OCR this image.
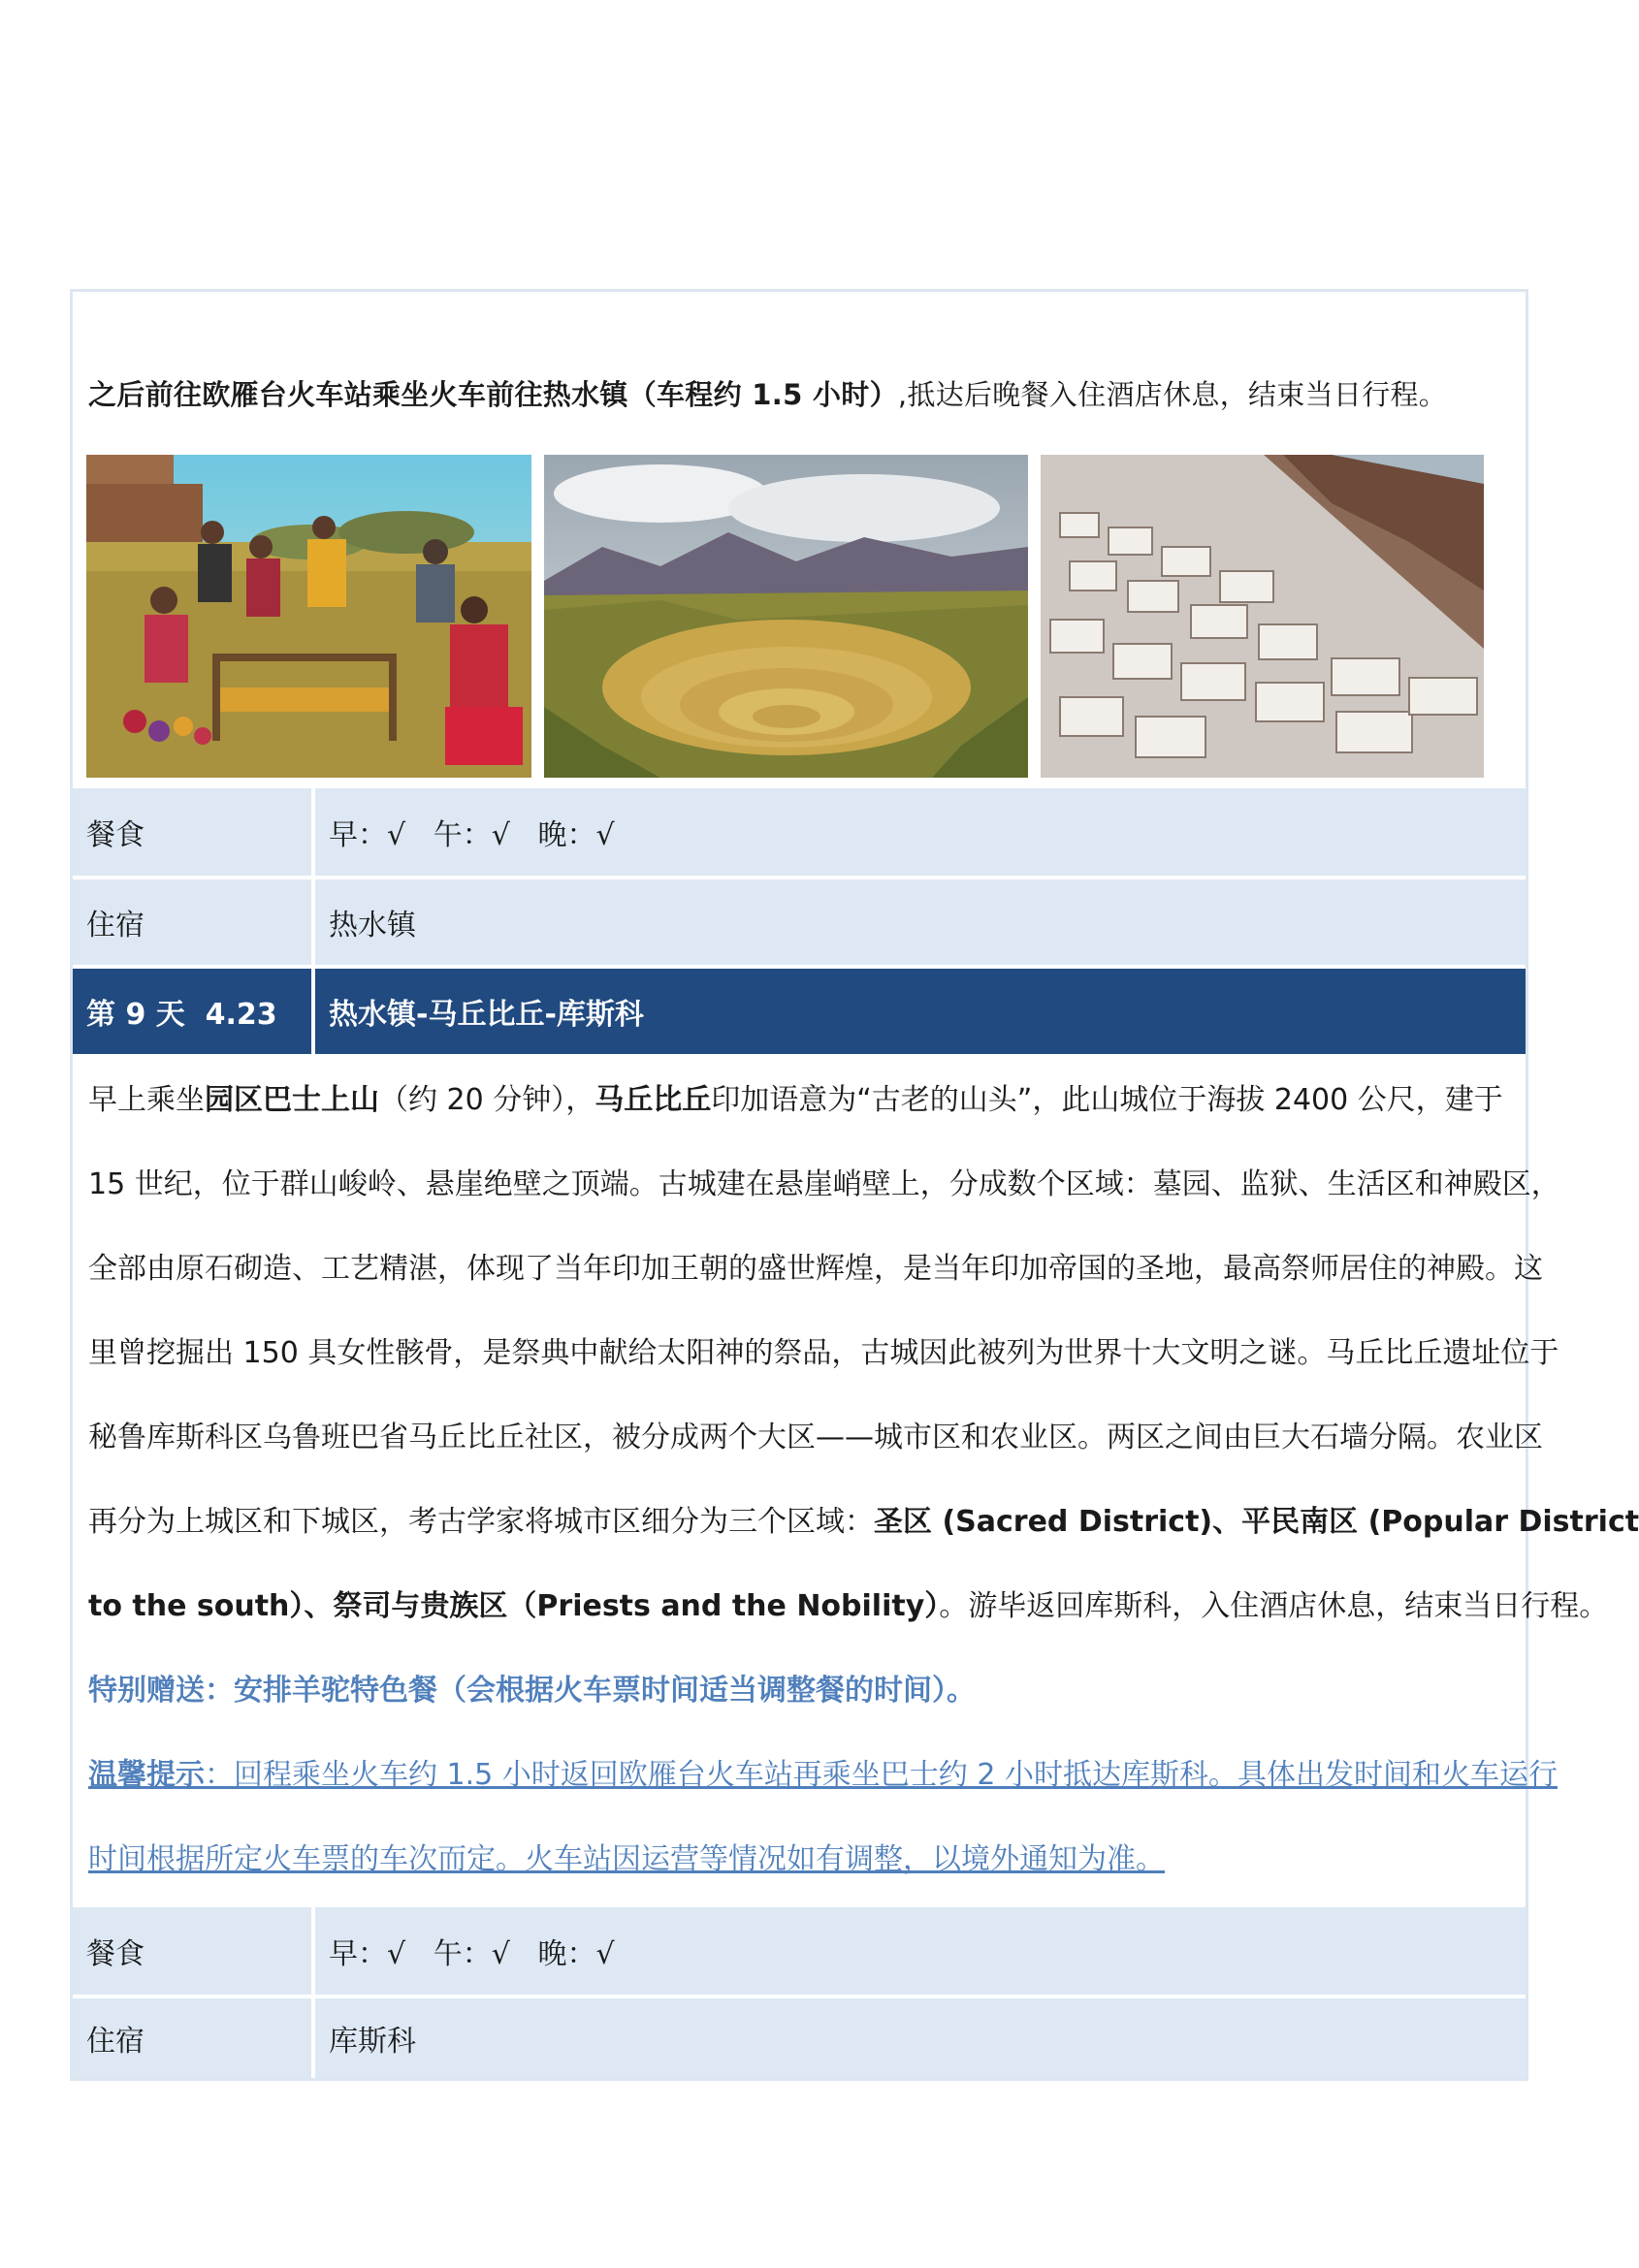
之后前往欧雁台火车站乘坐火车前往热水镇（车程约 1.5 小时）,抵达后晚餐入住酒店休息，结束当日行程。
餐食	早：√   午：√   晚：√
住宿	热水镇
第 9 天  4.23	热水镇-马丘比丘-库斯科
早上乘坐园区巴士上山（约 20 分钟），马丘比丘印加语意为“古老的山头”，此山城位于海拔 2400 公尺，建于
15 世纪，位于群山峻岭、悬崖绝壁之顶端。古城建在悬崖峭壁上，分成数个区域：墓园、监狱、生活区和神殿区，
全部由原石砌造、工艺精湛，体现了当年印加王朝的盛世辉煌，是当年印加帝国的圣地，最高祭师居住的神殿。这
里曾挖掘出 150 具女性骸骨，是祭典中献给太阳神的祭品，古城因此被列为世界十大文明之谜。马丘比丘遗址位于
秘鲁库斯科区乌鲁班巴省马丘比丘社区，被分成两个大区——城市区和农业区。两区之间由巨大石墙分隔。农业区
再分为上城区和下城区，考古学家将城市区细分为三个区域：圣区 (Sacred District)、平民南区 (Popular District
to the south）、祭司与贵族区（Priests and the Nobility）。游毕返回库斯科，入住酒店休息，结束当日行程。
特别赠送：安排羊驼特色餐（会根据火车票时间适当调整餐的时间）。
温馨提示：回程乘坐火车约 1.5 小时返回欧雁台火车站再乘坐巴士约 2 小时抵达库斯科。具体出发时间和火车运行
时间根据所定火车票的车次而定。火车站因运营等情况如有调整，以境外通知为准。
餐食	早：√   午：√   晚：√
住宿	库斯科
